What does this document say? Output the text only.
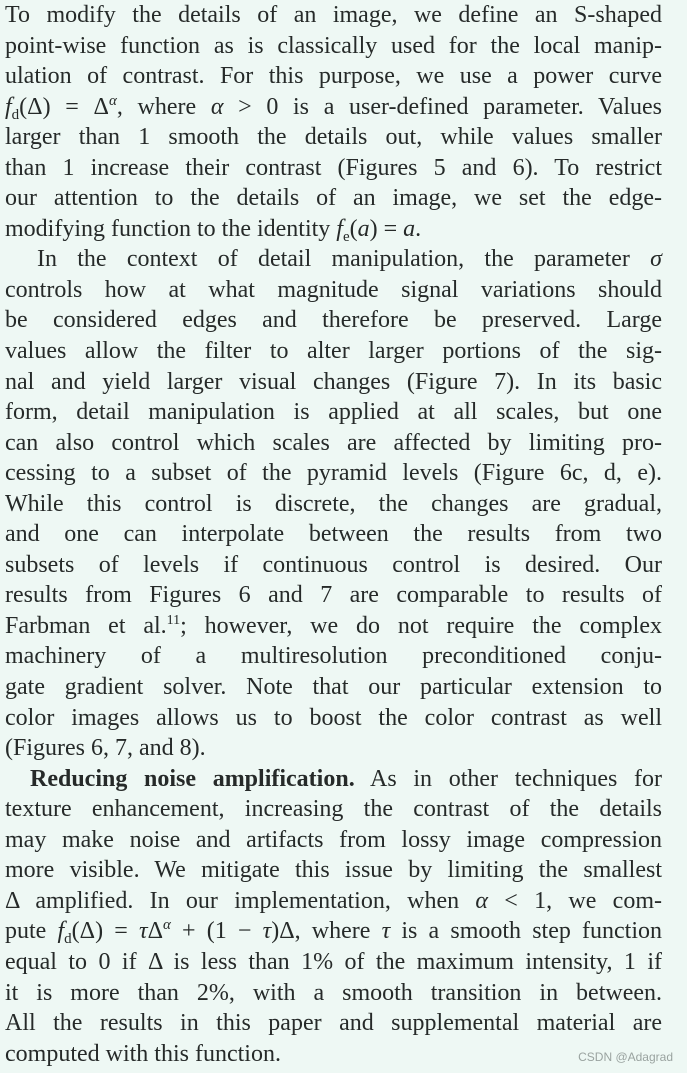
To modify the details of an image, we define an S-shaped
point-wise function as is classically used for the local manip-
ulation of contrast. For this purpose, we use a power curve
$f_d(\Delta) = \Delta^\alpha$, where α > 0 is a user-defined parameter. Values
larger than 1 smooth the details out, while values smaller
than 1 increase their contrast (Figures 5 and 6). To restrict
our attention to the details of an image, we set the edge-
modifying function to the identity $f_e(a) = a$.
In the context of detail manipulation, the parameter σ
controls how at what magnitude signal variations should
be considered edges and therefore be preserved. Large
values allow the filter to alter larger portions of the sig-
nal and yield larger visual changes (Figure 7). In its basic
form, detail manipulation is applied at all scales, but one
can also control which scales are affected by limiting pro-
cessing to a subset of the pyramid levels (Figure 6c, d, e).
While this control is discrete, the changes are gradual,
and one can interpolate between the results from two
subsets of levels if continuous control is desired. Our
results from Figures 6 and 7 are comparable to results of
Farbman et al.$^{11}$; however, we do not require the complex
machinery of a multiresolution preconditioned conju-
gate gradient solver. Note that our particular extension to
color images allows us to boost the color contrast as well
(Figures 6, 7, and 8).
Reducing noise amplification. As in other techniques for
texture enhancement, increasing the contrast of the details
may make noise and artifacts from lossy image compression
more visible. We mitigate this issue by limiting the smallest
Δ amplified. In our implementation, when α < 1, we com-
pute $f_d(\Delta) = \tau\Delta^\alpha + (1 - \tau)\Delta$, where τ is a smooth step function
equal to 0 if Δ is less than 1% of the maximum intensity, 1 if
it is more than 2%, with a smooth transition in between.
All the results in this paper and supplemental material are
computed with this function.	CSDN @Adagrad
